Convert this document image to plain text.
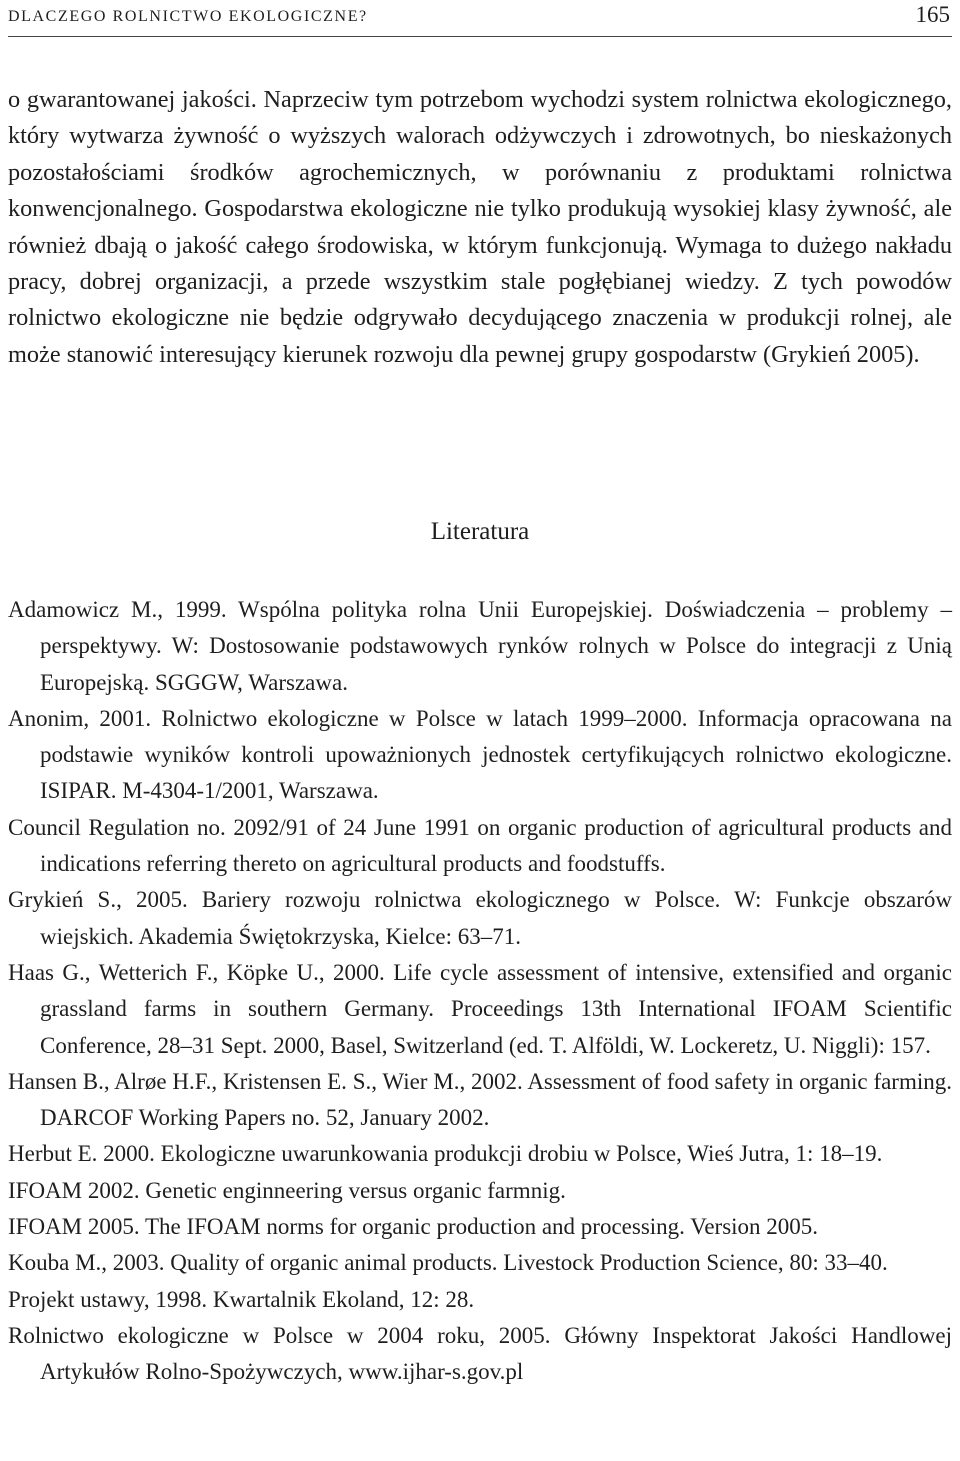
DLACZEGO ROLNICTWO EKOLOGICZNE?	165

o gwarantowanej jakości. Naprzeciw tym potrzebom wychodzi system rolnictwa ekologicznego, który wytwarza żywność o wyższych walorach odżywczych i zdrowotnych, bo nieskażonych pozostałościami środków agrochemicznych, w porównaniu z produktami rolnictwa konwencjonalnego. Gospodarstwa ekologiczne nie tylko produkują wysokiej klasy żywność, ale również dbają o jakość całego środowiska, w którym funkcjonują. Wymaga to dużego nakładu pracy, dobrej organizacji, a przede wszystkim stale pogłębianej wiedzy. Z tych powodów rolnictwo ekologiczne nie będzie odgrywało decydującego znaczenia w produkcji rolnej, ale może stanowić interesujący kierunek rozwoju dla pewnej grupy gospodarstw (Grykień 2005).

Literatura
Adamowicz M., 1999. Wspólna polityka rolna Unii Europejskiej. Doświadczenia – problemy – perspektywy. W: Dostosowanie podstawowych rynków rolnych w Polsce do integracji z Unią Europejską. SGGGW, Warszawa.
Anonim, 2001. Rolnictwo ekologiczne w Polsce w latach 1999–2000. Informacja opracowana na podstawie wyników kontroli upoważnionych jednostek certyfikujących rolnictwo ekologiczne. ISIPAR. M-4304-1/2001, Warszawa.
Council Regulation no. 2092/91 of 24 June 1991 on organic production of agricultural products and indications referring thereto on agricultural products and foodstuffs.
Grykień S., 2005. Bariery rozwoju rolnictwa ekologicznego w Polsce. W: Funkcje obszarów wiejskich. Akademia Świętokrzyska, Kielce: 63–71.
Haas G., Wetterich F., Köpke U., 2000. Life cycle assessment of intensive, extensified and organic grassland farms in southern Germany. Proceedings 13th International IFOAM Scientific Conference, 28–31 Sept. 2000, Basel, Switzerland (ed. T. Alföldi, W. Lockeretz, U. Niggli): 157.
Hansen B., Alrøe H.F., Kristensen E. S., Wier M., 2002. Assessment of food safety in organic farming. DARCOF Working Papers no. 52, January 2002.
Herbut E. 2000. Ekologiczne uwarunkowania produkcji drobiu w Polsce, Wieś Jutra, 1: 18–19.
IFOAM 2002. Genetic enginneering versus organic farmnig.
IFOAM 2005. The IFOAM norms for organic production and processing. Version 2005.
Kouba M., 2003. Quality of organic animal products. Livestock Production Science, 80: 33–40.
Projekt ustawy, 1998. Kwartalnik Ekoland, 12: 28.
Rolnictwo ekologiczne w Polsce w 2004 roku, 2005. Główny Inspektorat Jakości Handlowej Artykułów Rolno-Spożywczych, www.ijhar-s.gov.pl
